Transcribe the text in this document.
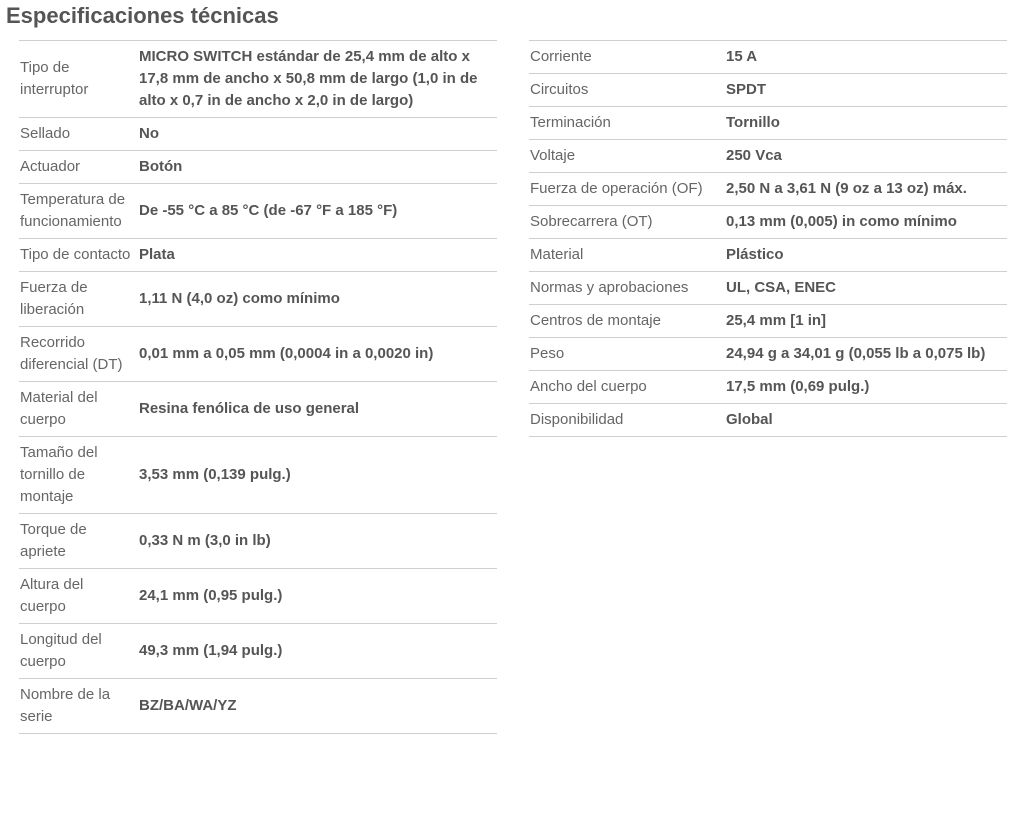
Especificaciones técnicas
Tipo de interruptor	MICRO SWITCH estándar de 25,4 mm de alto x 17,8 mm de ancho x 50,8 mm de largo (1,0 in de alto x 0,7 in de ancho x 2,0 in de largo)
Sellado	No
Actuador	Botón
Temperatura de funcionamiento	De -55 °C a 85 °C (de -67 °F a 185 °F)
Tipo de contacto	Plata
Fuerza de liberación	1,11 N (4,0 oz) como mínimo
Recorrido diferencial (DT)	0,01 mm a 0,05 mm (0,0004 in a 0,0020 in)
Material del cuerpo	Resina fenólica de uso general
Tamaño del tornillo de montaje	3,53 mm (0,139 pulg.)
Torque de apriete	0,33 N m (3,0 in lb)
Altura del cuerpo	24,1 mm (0,95 pulg.)
Longitud del cuerpo	49,3 mm (1,94 pulg.)
Nombre de la serie	BZ/BA/WA/YZ
Corriente	15 A
Circuitos	SPDT
Terminación	Tornillo
Voltaje	250 Vca
Fuerza de operación (OF)	2,50 N a 3,61 N (9 oz a 13 oz) máx.
Sobrecarrera (OT)	0,13 mm (0,005) in como mínimo
Material	Plástico
Normas y aprobaciones	UL, CSA, ENEC
Centros de montaje	25,4 mm [1 in]
Peso	24,94 g a 34,01 g (0,055 lb a 0,075 lb)
Ancho del cuerpo	17,5 mm (0,69 pulg.)
Disponibilidad	Global
